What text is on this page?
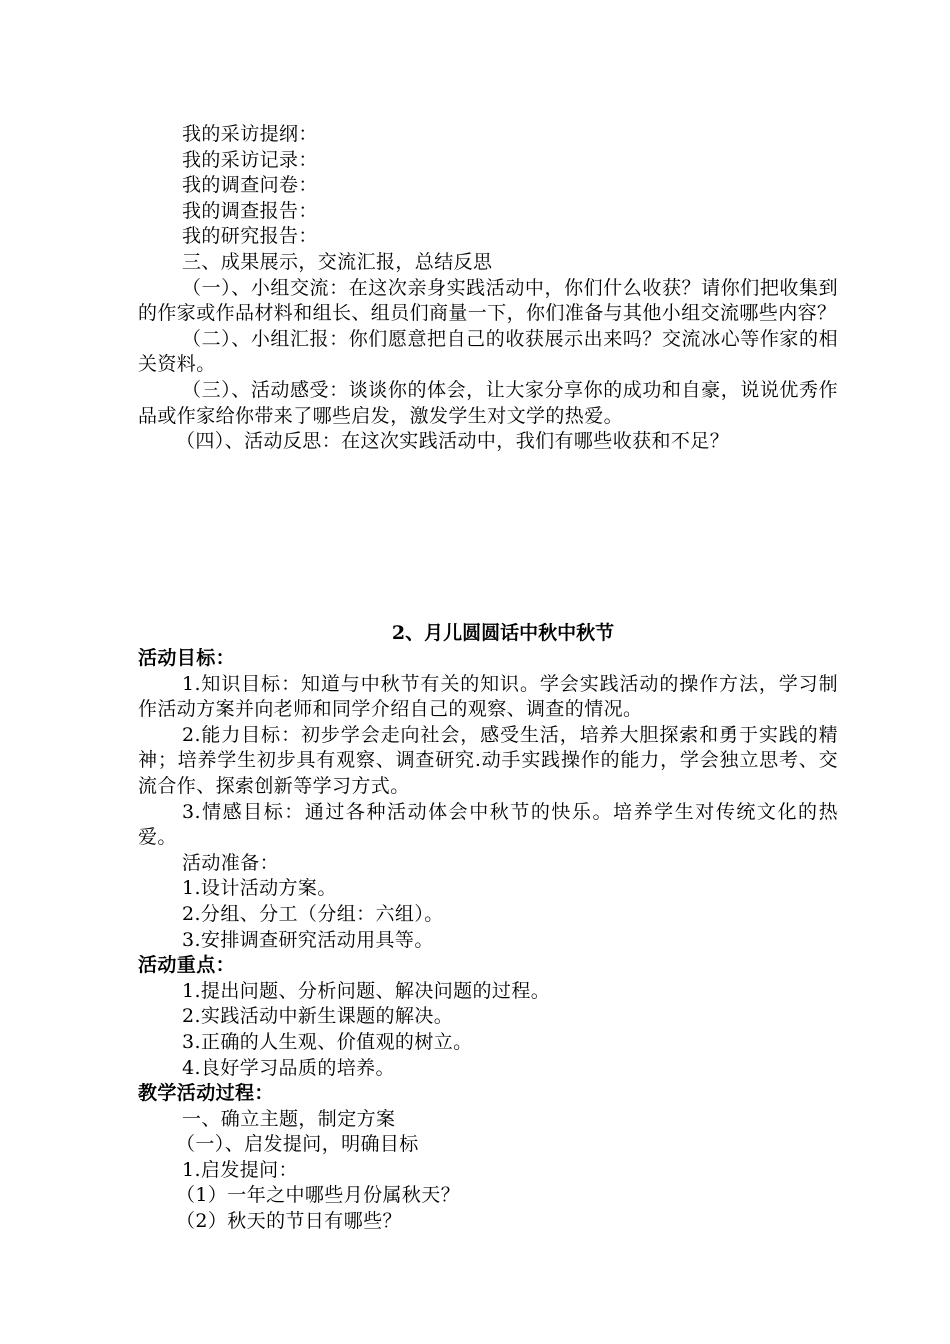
我的采访提纲：
我的采访记录：
我的调查问卷：
我的调查报告：
我的研究报告：
三、成果展示，交流汇报，总结反思
（一）、小组交流：在这次亲身实践活动中，你们什么收获？请你们把收集到的作家或作品材料和组长、组员们商量一下，你们准备与其他小组交流哪些内容？
（二）、小组汇报：你们愿意把自己的收获展示出来吗？交流冰心等作家的相关资料。
（三）、活动感受：谈谈你的体会，让大家分享你的成功和自豪，说说优秀作品或作家给你带来了哪些启发，激发学生对文学的热爱。
（四）、活动反思：在这次实践活动中，我们有哪些收获和不足？
2、月儿圆圆话中秋中秋节
活动目标：
1.知识目标：知道与中秋节有关的知识。学会实践活动的操作方法，学习制作活动方案并向老师和同学介绍自己的观察、调查的情况。
2.能力目标：初步学会走向社会，感受生活，培养大胆探索和勇于实践的精神；培养学生初步具有观察、调查研究.动手实践操作的能力，学会独立思考、交流合作、探索创新等学习方式。
3.情感目标：通过各种活动体会中秋节的快乐。培养学生对传统文化的热爱。
活动准备：
1.设计活动方案。
2.分组、分工（分组：六组）。
3.安排调查研究活动用具等。
活动重点：
1.提出问题、分析问题、解决问题的过程。
2.实践活动中新生课题的解决。
3.正确的人生观、价值观的树立。
4.良好学习品质的培养。
教学活动过程：
一、确立主题，制定方案
（一）、启发提问，明确目标
1.启发提问：
（1）一年之中哪些月份属秋天？
（2）秋天的节日有哪些？
